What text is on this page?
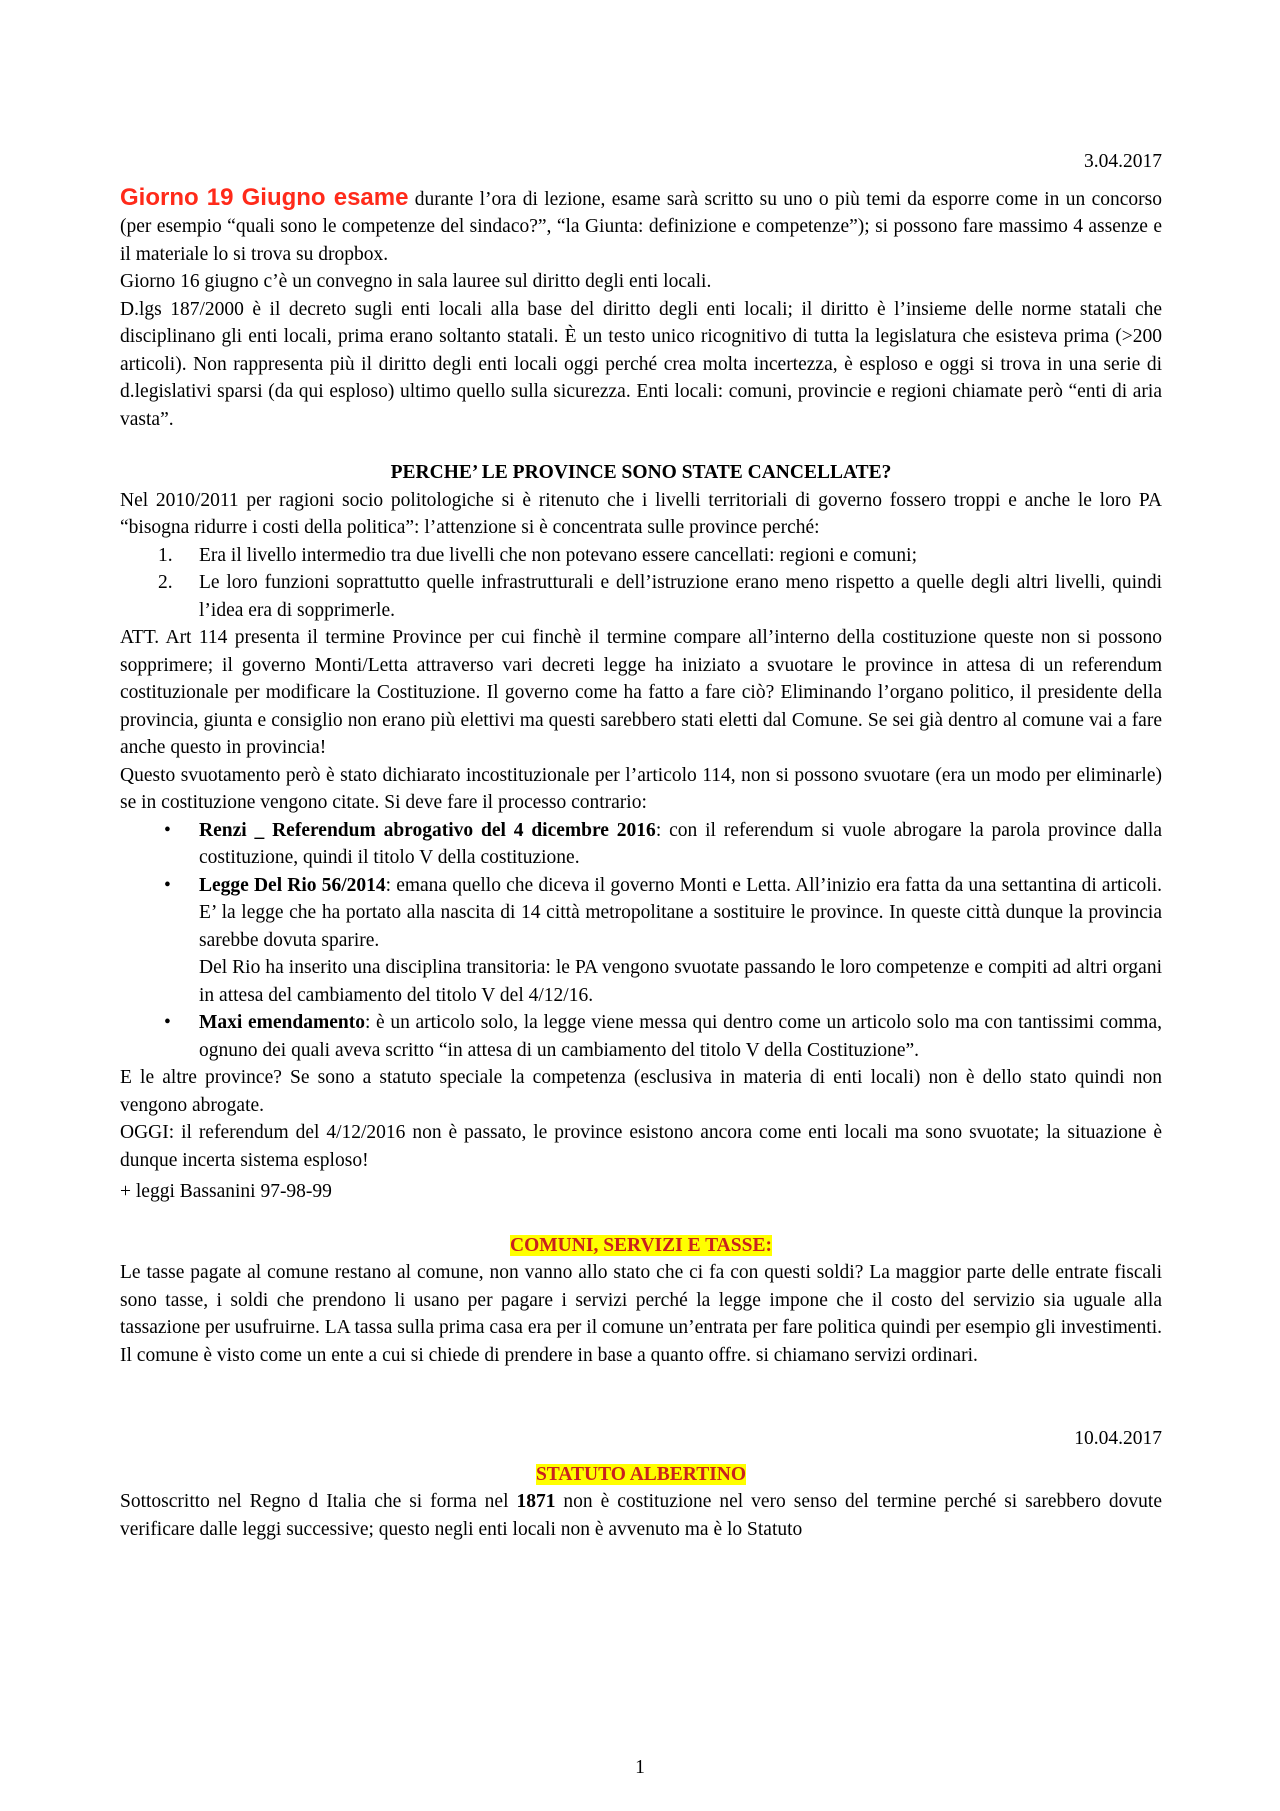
3.04.2017

Giorno 19 Giugno esame durante l’ora di lezione, esame sarà scritto su uno o più temi da esporre come in un concorso (per esempio “quali sono le competenze del sindaco?”, “la Giunta: definizione e competenze”); si possono fare massimo 4 assenze e il materiale lo si trova su dropbox.

Giorno 16 giugno c’è un convegno in sala lauree sul diritto degli enti locali.

D.lgs 187/2000 è il decreto sugli enti locali alla base del diritto degli enti locali; il diritto è l’insieme delle norme statali che disciplinano gli enti locali, prima erano soltanto statali. È un testo unico ricognitivo di tutta la legislatura che esisteva prima (>200 articoli). Non rappresenta più il diritto degli enti locali oggi perché crea molta incertezza, è esploso e oggi si trova in una serie di d.legislativi sparsi (da qui esploso) ultimo quello sulla sicurezza. Enti locali: comuni, provincie e regioni chiamate però “enti di aria vasta”.

PERCHE’ LE PROVINCE SONO STATE CANCELLATE?

Nel 2010/2011 per ragioni socio politologiche si è ritenuto che i livelli territoriali di governo fossero troppi e anche le loro PA “bisogna ridurre i costi della politica”: l’attenzione si è concentrata sulle province perché:

1. Era il livello intermedio tra due livelli che non potevano essere cancellati: regioni e comuni;
2. Le loro funzioni soprattutto quelle infrastrutturali e dell’istruzione erano meno rispetto a quelle degli altri livelli, quindi l’idea era di sopprimerle.

ATT. Art 114 presenta il termine Province per cui finchè il termine compare all’interno della costituzione queste non si possono sopprimere; il governo Monti/Letta attraverso vari decreti legge ha iniziato a svuotare le province in attesa di un referendum costituzionale per modificare la Costituzione. Il governo come ha fatto a fare ciò? Eliminando l’organo politico, il presidente della provincia, giunta e consiglio non erano più elettivi ma questi sarebbero stati eletti dal Comune. Se sei già dentro al comune vai a fare anche questo in provincia!

Questo svuotamento però è stato dichiarato incostituzionale per l’articolo 114, non si possono svuotare (era un modo per eliminarle) se in costituzione vengono citate. Si deve fare il processo contrario:

• Renzi _ Referendum abrogativo del 4 dicembre 2016: con il referendum si vuole abrogare la parola province dalla costituzione, quindi il titolo V della costituzione.
• Legge Del Rio 56/2014: emana quello che diceva il governo Monti e Letta. All’inizio era fatta da una settantina di articoli. E’ la legge che ha portato alla nascita di 14 città metropolitane a sostituire le province. In queste città dunque la provincia sarebbe dovuta sparire.
Del Rio ha inserito una disciplina transitoria: le PA vengono svuotate passando le loro competenze e compiti ad altri organi in attesa del cambiamento del titolo V del 4/12/16.
• Maxi emendamento: è un articolo solo, la legge viene messa qui dentro come un articolo solo ma con tantissimi comma, ognuno dei quali aveva scritto “in attesa di un cambiamento del titolo V della Costituzione”.

E le altre province? Se sono a statuto speciale la competenza (esclusiva in materia di enti locali) non è dello stato quindi non vengono abrogate.

OGGI: il referendum del 4/12/2016 non è passato, le province esistono ancora come enti locali ma sono svuotate; la situazione è dunque incerta sistema esploso!

+ leggi Bassanini 97-98-99

COMUNI, SERVIZI E TASSE:

Le tasse pagate al comune restano al comune, non vanno allo stato che ci fa con questi soldi? La maggior parte delle entrate fiscali sono tasse, i soldi che prendono li usano per pagare i servizi perché la legge impone che il costo del servizio sia uguale alla tassazione per usufruirne. LA tassa sulla prima casa era per il comune un’entrata per fare politica quindi per esempio gli investimenti. Il comune è visto come un ente a cui si chiede di prendere in base a quanto offre. si chiamano servizi ordinari.

10.04.2017

STATUTO ALBERTINO

Sottoscritto nel Regno d Italia che si forma nel 1871 non è costituzione nel vero senso del termine perché si sarebbero dovute verificare dalle leggi successive; questo negli enti locali non è avvenuto ma è lo Statuto

1
